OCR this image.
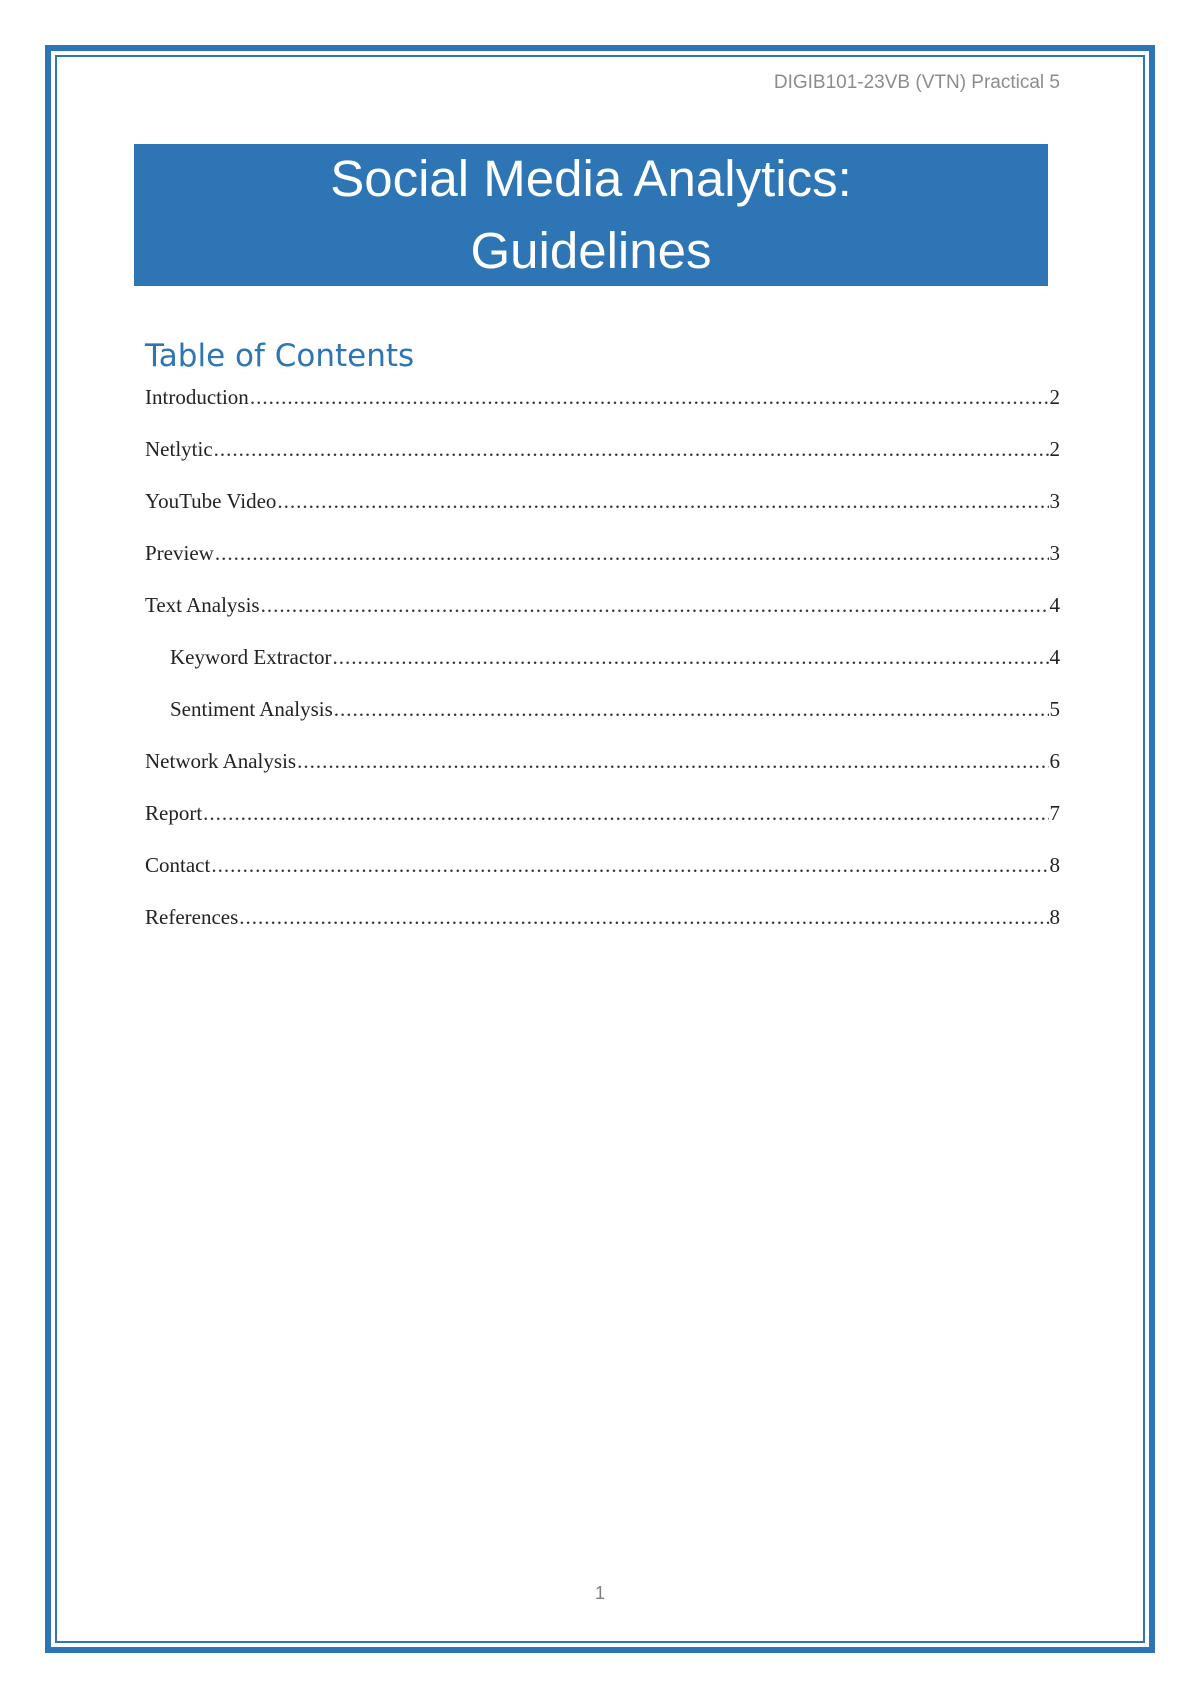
DIGIB101-23VB (VTN) Practical 5
Social Media Analytics:
Guidelines
Table of Contents
Introduction .....	2
Netlytic .....	2
YouTube Video .....	3
Preview .....	3
Text Analysis .....	4
Keyword Extractor .....	4
Sentiment Analysis .....	5
Network Analysis .....	6
Report .....	7
Contact .....	8
References .....	8
1
